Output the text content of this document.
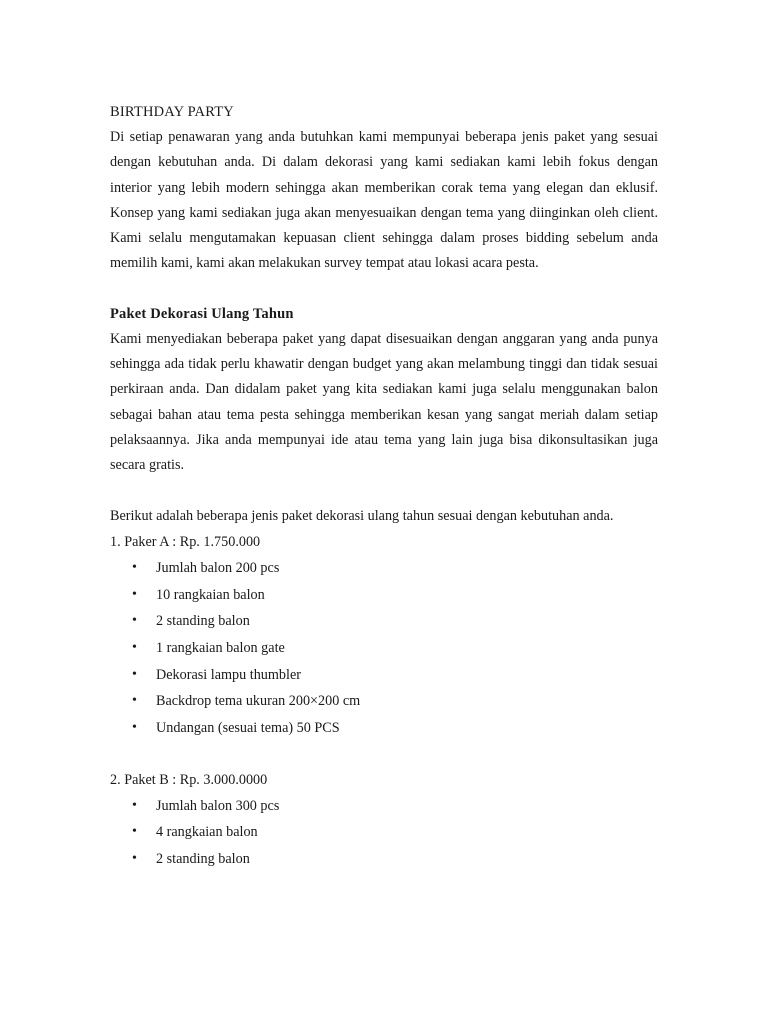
BIRTHDAY PARTY

Di setiap penawaran yang anda butuhkan kami mempunyai beberapa jenis paket yang sesuai dengan kebutuhan anda. Di dalam dekorasi yang kami sediakan kami lebih fokus dengan interior yang lebih modern sehingga akan memberikan corak tema yang elegan dan eklusif. Konsep yang kami sediakan juga akan menyesuaikan dengan tema yang diinginkan oleh client. Kami selalu mengutamakan kepuasan client sehingga dalam proses bidding sebelum anda memilih kami, kami akan melakukan survey tempat atau lokasi acara pesta.

Paket Dekorasi Ulang Tahun

Kami menyediakan beberapa paket yang dapat disesuaikan dengan anggaran yang anda punya sehingga ada tidak perlu khawatir dengan budget yang akan melambung tinggi dan tidak sesuai perkiraan anda. Dan didalam paket yang kita sediakan kami juga selalu menggunakan balon sebagai bahan atau tema pesta sehingga memberikan kesan yang sangat meriah dalam setiap pelaksaannya. Jika anda mempunyai ide atau tema yang lain juga bisa dikonsultasikan juga secara gratis.

Berikut adalah beberapa jenis paket dekorasi ulang tahun sesuai dengan kebutuhan anda.

1. Paker A : Rp. 1.750.000

•	Jumlah balon 200 pcs
•	10 rangkaian balon
•	2 standing balon
•	1 rangkaian balon gate
•	Dekorasi lampu thumbler
•	Backdrop tema ukuran 200×200 cm
•	Undangan (sesuai tema) 50 PCS

2. Paket B : Rp. 3.000.0000

•	Jumlah balon 300 pcs
•	4 rangkaian balon
•	2 standing balon
